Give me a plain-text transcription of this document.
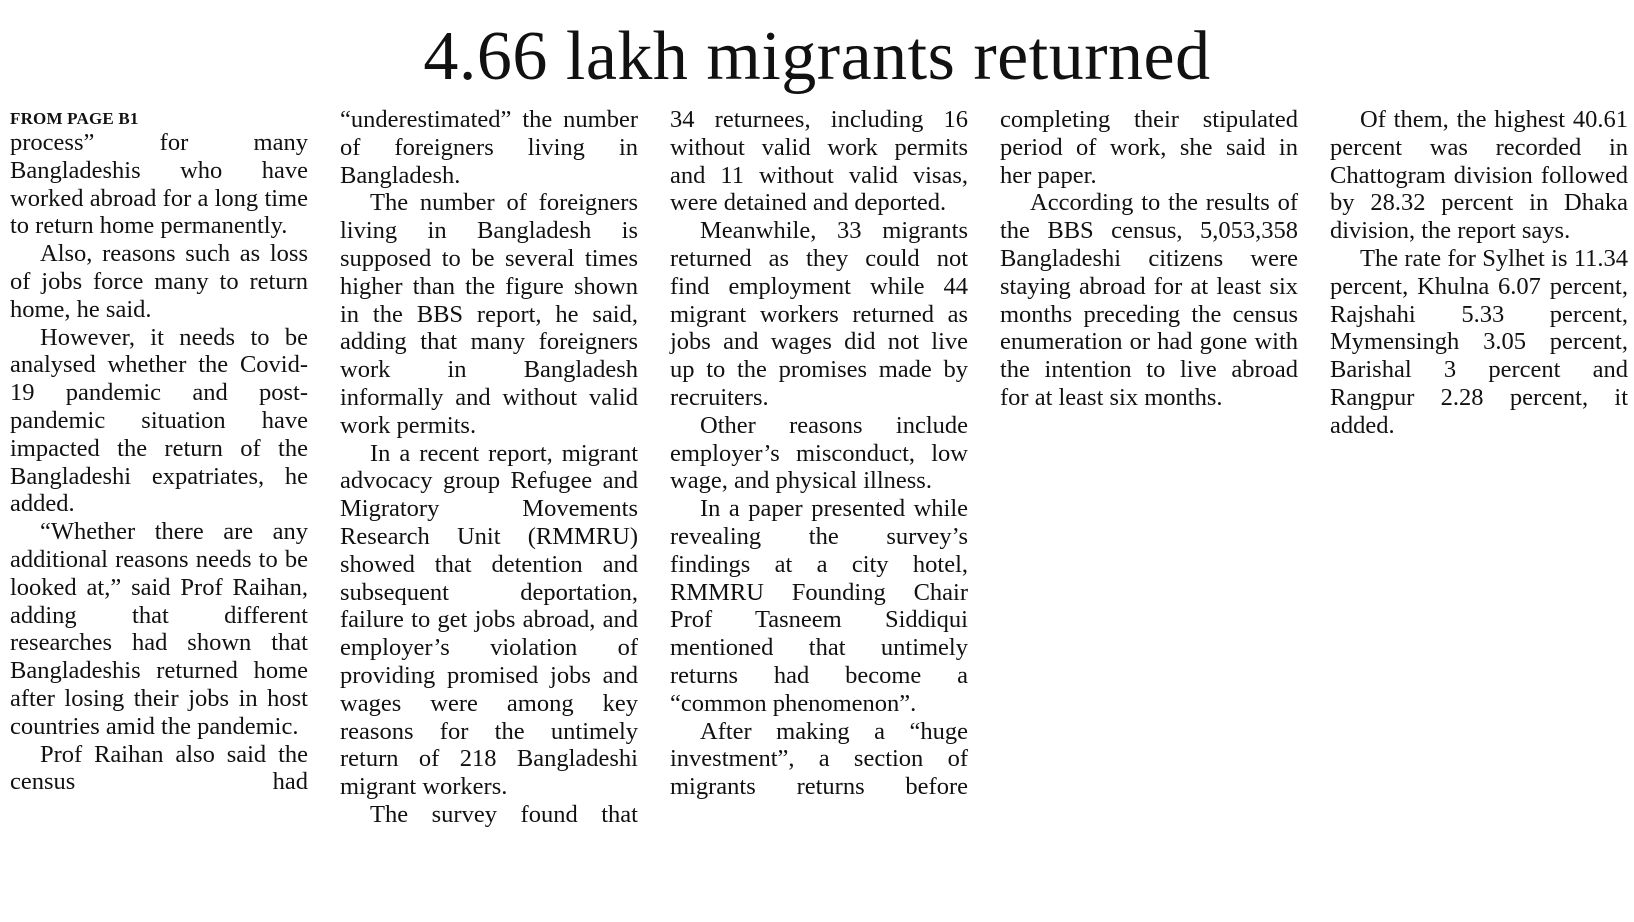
4.66 lakh migrants returned
FROM PAGE B1

process” for many Bangladeshis who have worked abroad for a long time to return home permanently.

Also, reasons such as loss of jobs force many to return home, he said.

However, it needs to be analysed whether the Covid-19 pandemic and post-pandemic situation have impacted the return of the Bangladeshi expatriates, he added.

“Whether there are any additional reasons needs to be looked at,” said Prof Raihan, adding that different researches had shown that Bangladeshis returned home after losing their jobs in host countries amid the pandemic.

Prof Raihan also said the census had

“underestimated” the number of foreigners living in Bangladesh.

The number of foreigners living in Bangladesh is supposed to be several times higher than the figure shown in the BBS report, he said, adding that many foreigners work in Bangladesh informally and without valid work permits.

In a recent report, migrant advocacy group Refugee and Migratory Movements Research Unit (RMMRU) showed that detention and subsequent deportation, failure to get jobs abroad, and employer’s violation of providing promised jobs and wages were among key reasons for the untimely return of 218 Bangladeshi migrant workers.

The survey found that

34 returnees, including 16 without valid work permits and 11 without valid visas, were detained and deported.

Meanwhile, 33 migrants returned as they could not find employment while 44 migrant workers returned as jobs and wages did not live up to the promises made by recruiters.

Other reasons include employer’s misconduct, low wage, and physical illness.

In a paper presented while revealing the survey’s findings at a city hotel, RMMRU Founding Chair Prof Tasneem Siddiqui mentioned that untimely returns had become a “common phenomenon”.

After making a “huge investment”, a section of migrants returns before

completing their stipulated period of work, she said in her paper.

According to the results of the BBS census, 5,053,358 Bangladeshi citizens were staying abroad for at least six months preceding the census enumeration or had gone with the intention to live abroad for at least six months.

Of them, the highest 40.61 percent was recorded in Chattogram division followed by 28.32 percent in Dhaka division, the report says.

The rate for Sylhet is 11.34 percent, Khulna 6.07 percent, Rajshahi 5.33 percent, Mymensingh 3.05 percent, Barishal 3 percent and Rangpur 2.28 percent, it added.
